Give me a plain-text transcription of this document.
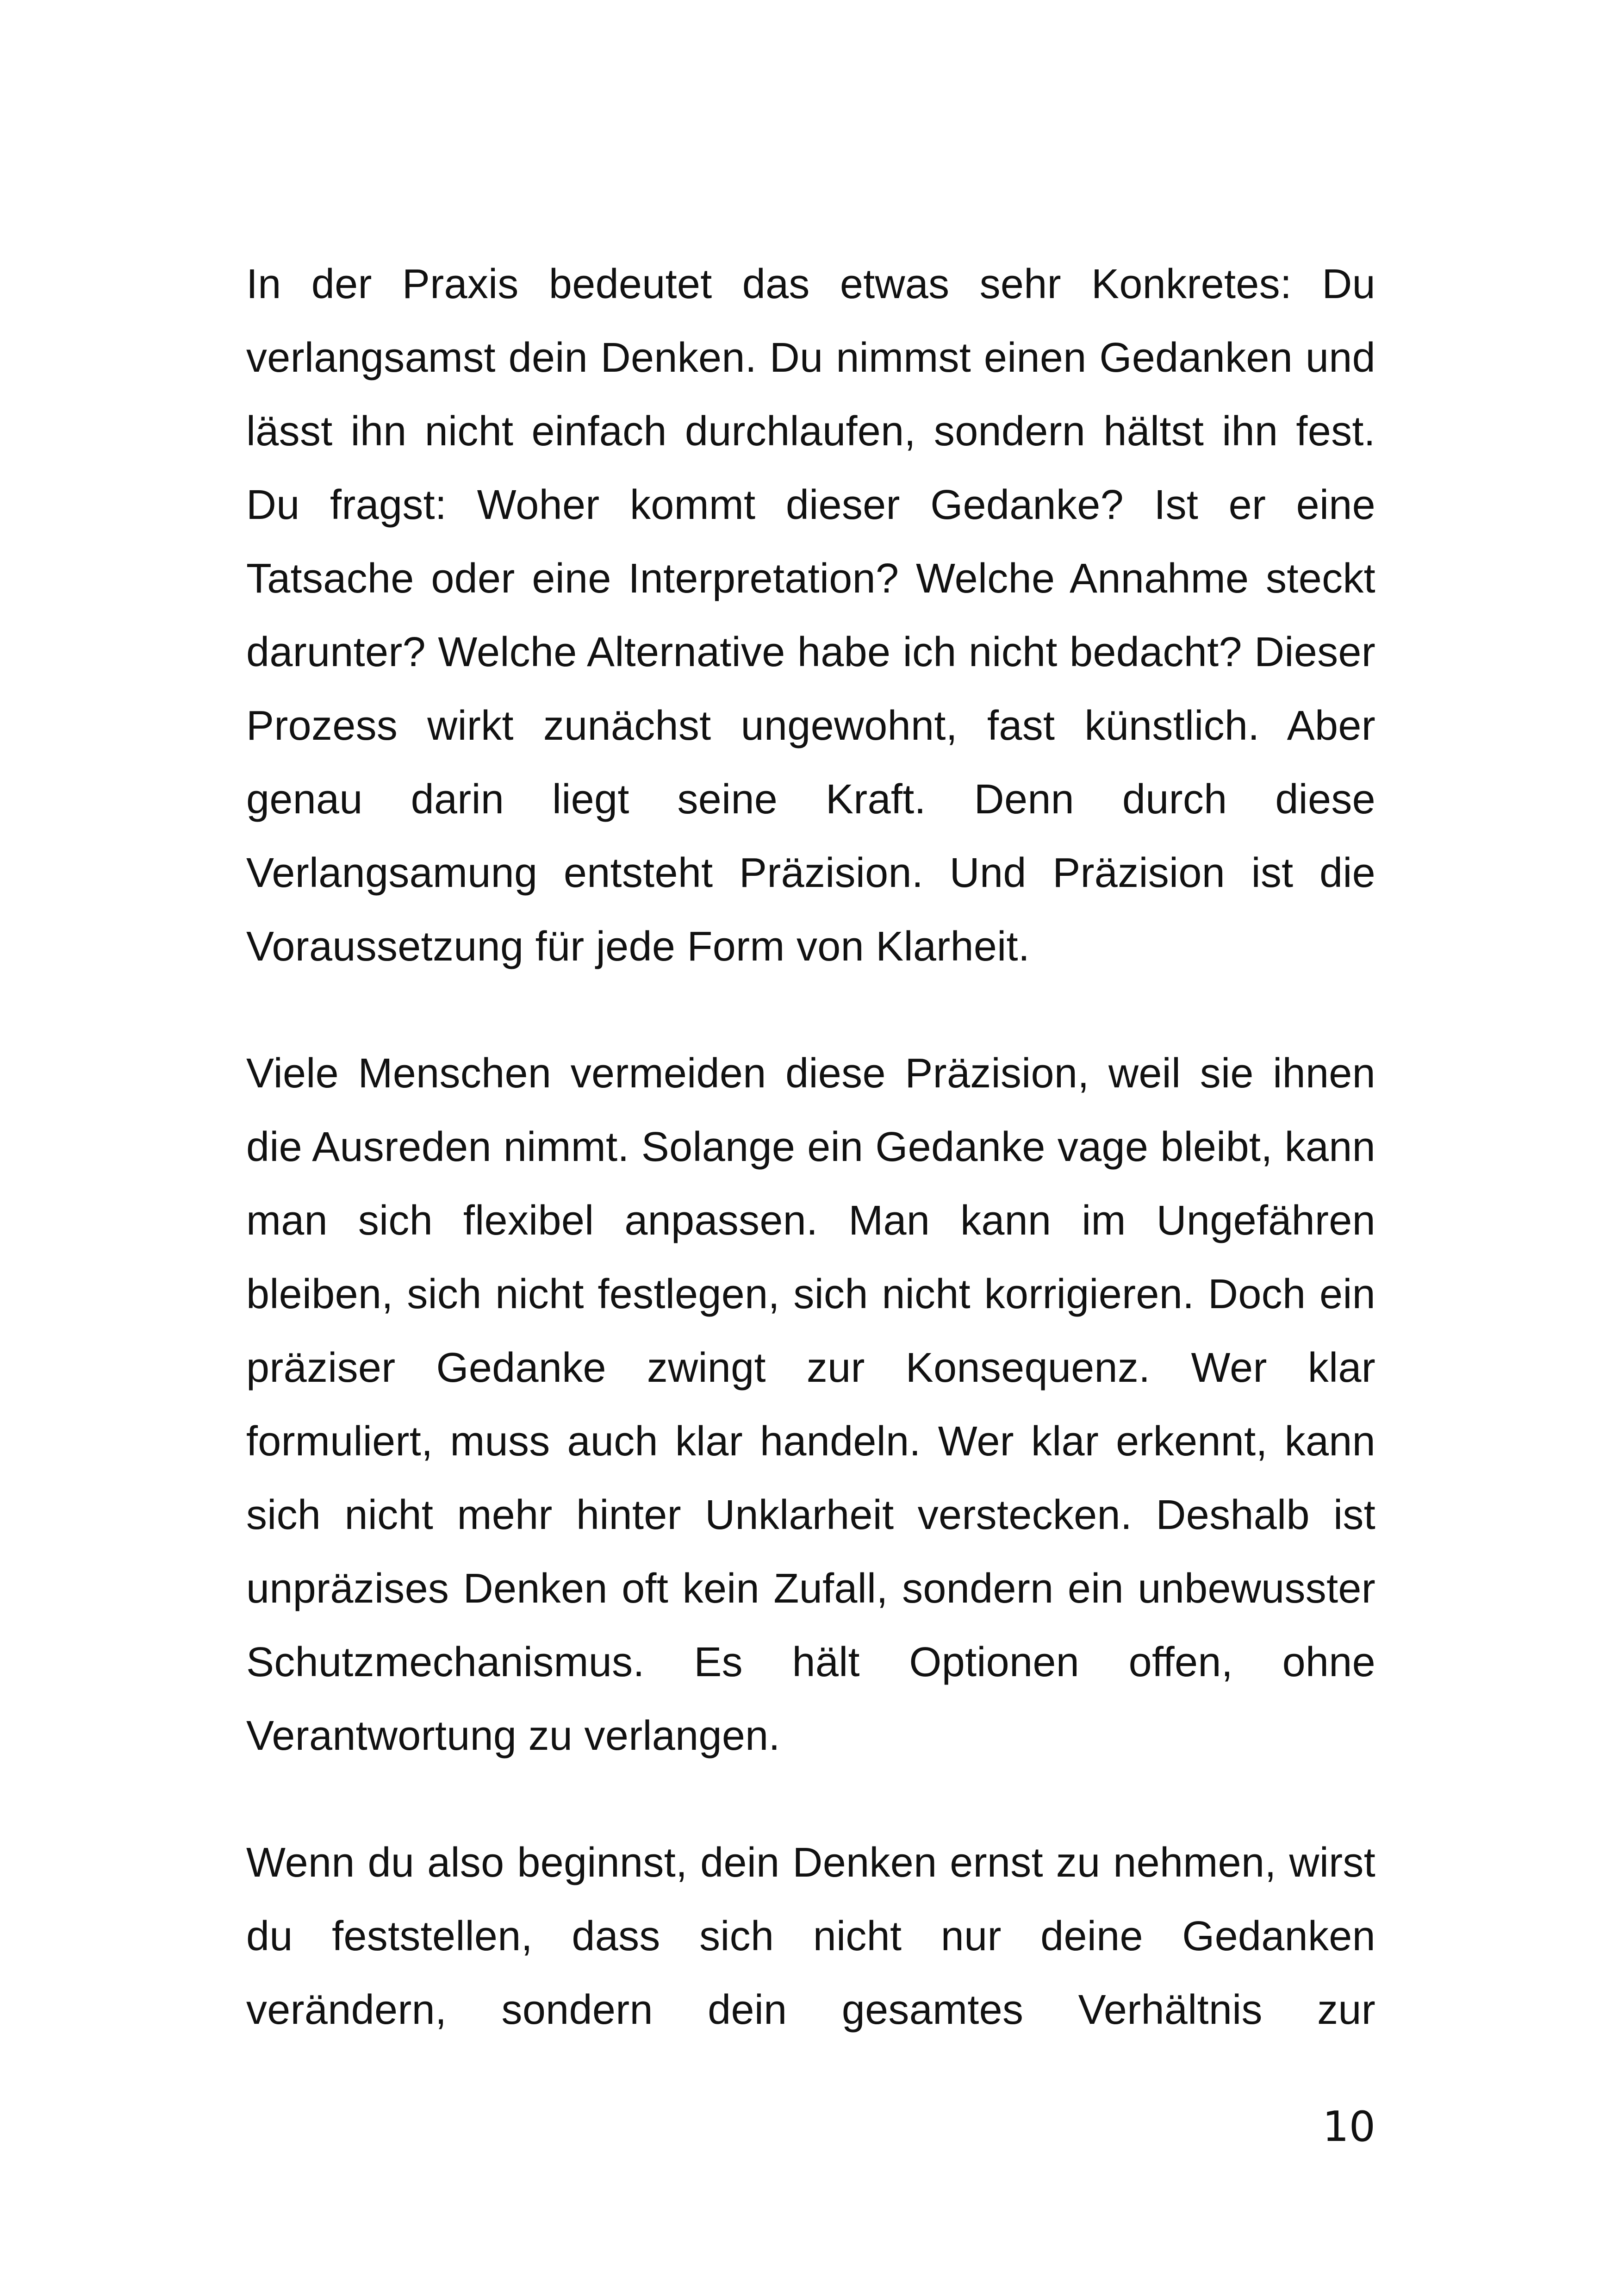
In der Praxis bedeutet das etwas sehr Konkretes: Du verlangsamst dein Denken. Du nimmst einen Gedanken und lässt ihn nicht einfach durchlaufen, sondern hältst ihn fest. Du fragst: Woher kommt dieser Gedanke? Ist er eine Tatsache oder eine Interpretation? Welche Annahme steckt darunter? Welche Alternative habe ich nicht bedacht? Dieser Prozess wirkt zunächst ungewohnt, fast künstlich. Aber genau darin liegt seine Kraft. Denn durch diese Verlangsamung entsteht Präzision. Und Präzision ist die Voraussetzung für jede Form von Klarheit.

Viele Menschen vermeiden diese Präzision, weil sie ihnen die Ausreden nimmt. Solange ein Gedanke vage bleibt, kann man sich flexibel anpassen. Man kann im Ungefähren bleiben, sich nicht festlegen, sich nicht korrigieren. Doch ein präziser Gedanke zwingt zur Konsequenz. Wer klar formuliert, muss auch klar handeln. Wer klar erkennt, kann sich nicht mehr hinter Unklarheit verstecken. Deshalb ist unpräzises Denken oft kein Zufall, sondern ein unbewusster Schutzmechanismus. Es hält Optionen offen, ohne Verantwortung zu verlangen.

Wenn du also beginnst, dein Denken ernst zu nehmen, wirst du feststellen, dass sich nicht nur deine Gedanken verändern, sondern dein gesamtes Verhältnis zur

10
